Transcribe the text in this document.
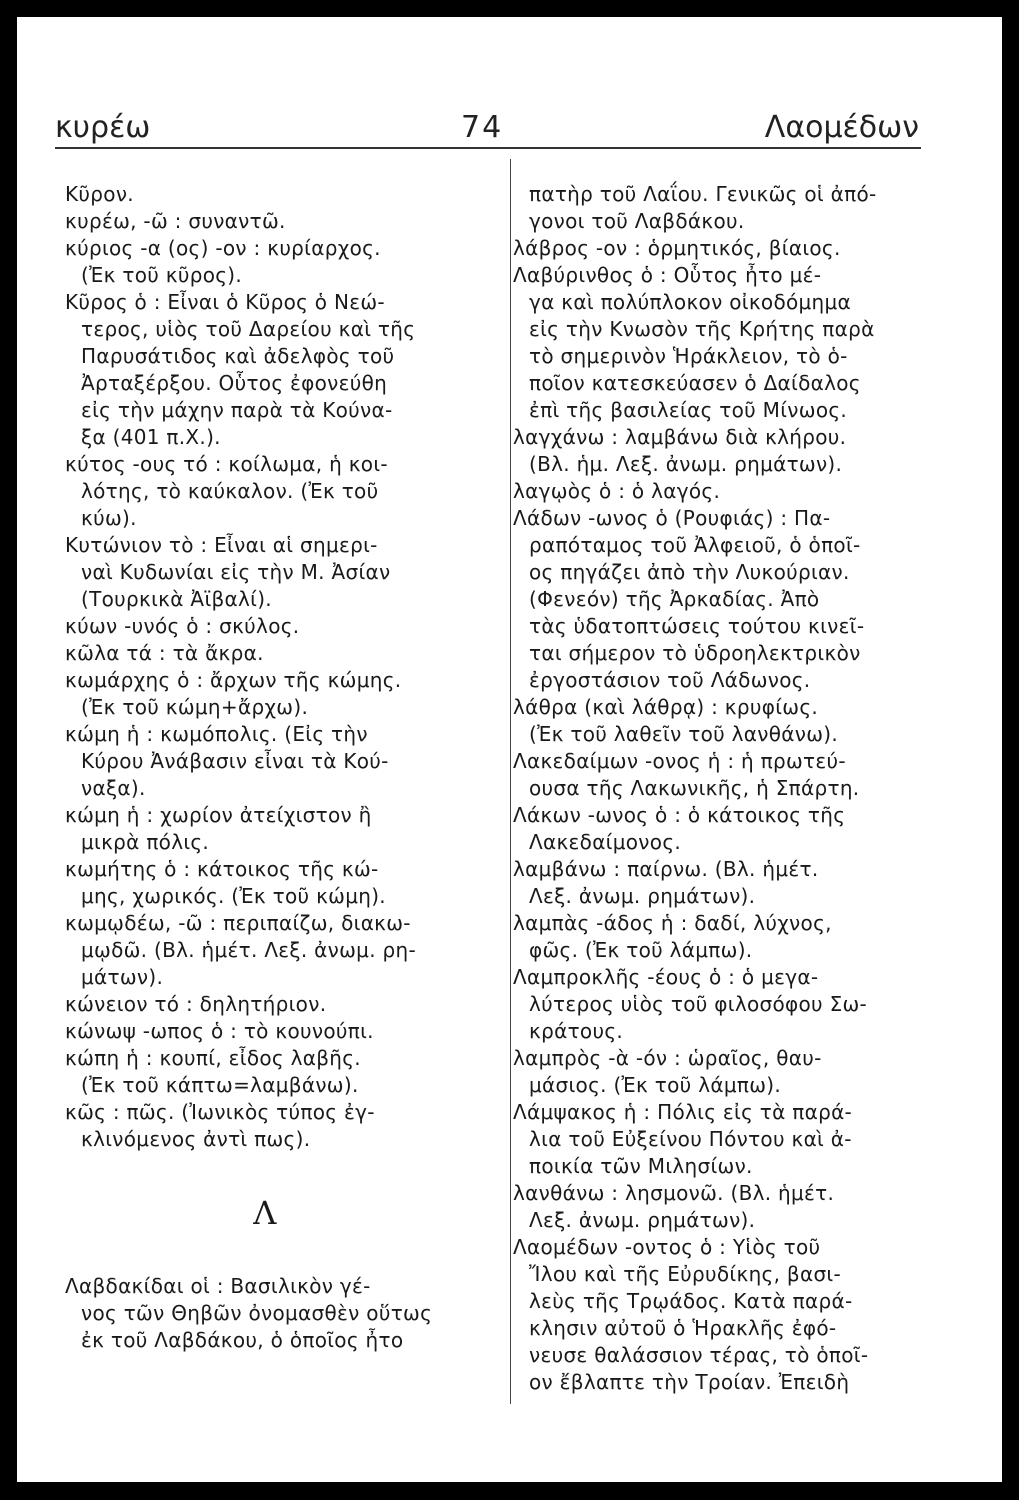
κυρέω	74	Λαομέδων
Κῦρον.
κυρέω, -ῶ : συναντῶ.
κύριος -α (ος) -ον : κυρίαρχος.
(Ἐκ τοῦ κῦρος).
Κῦρος ὁ : Εἶναι ὁ Κῦρος ὁ Νεώ-
τερος, υἱὸς τοῦ Δαρείου καὶ τῆς
Παρυσάτιδος καὶ ἀδελφὸς τοῦ
Ἀρταξέρξου. Οὗτος ἐφονεύθη
εἰς τὴν μάχην παρὰ τὰ Κούνα-
ξα (401 π.Χ.).
κύτος -ους τό : κοίλωμα, ἡ κοι-
λότης, τὸ καύκαλον. (Ἐκ τοῦ
κύω).
Κυτώνιον τὸ : Εἶναι αἱ σημερι-
ναὶ Κυδωνίαι εἰς τὴν Μ. Ἀσίαν
(Τουρκικὰ Ἀϊβαλί).
κύων -υνός ὁ : σκύλος.
κῶλα τά : τὰ ἄκρα.
κωμάρχης ὁ : ἄρχων τῆς κώμης.
(Ἐκ τοῦ κώμη+ἄρχω).
κώμη ἡ : κωμόπολις. (Εἰς τὴν
Κύρου Ἀνάβασιν εἶναι τὰ Κού-
ναξα).
κώμη ἡ : χωρίον ἀτείχιστον ἢ
μικρὰ πόλις.
κωμήτης ὁ : κάτοικος τῆς κώ-
μης, χωρικός. (Ἐκ τοῦ κώμη).
κωμῳδέω, -ῶ : περιπαίζω, διακω-
μῳδῶ. (Βλ. ἡμέτ. Λεξ. ἀνωμ. ρη-
μάτων).
κώνειον τό : δηλητήριον.
κώνωψ -ωπος ὁ : τὸ κουνούπι.
κώπη ἡ : κουπί, εἶδος λαβῆς.
(Ἐκ τοῦ κάπτω=λαμβάνω).
κῶς : πῶς. (Ἰωνικὸς τύπος ἐγ-
κλινόμενος ἀντὶ πως).
Λ
Λαβδακίδαι οἱ : Βασιλικὸν γέ-
νος τῶν Θηβῶν ὀνομασθὲν οὕτως
ἐκ τοῦ Λαβδάκου, ὁ ὁποῖος ἦτο
πατὴρ τοῦ Λαΐου. Γενικῶς οἱ ἀπό-
γονοι τοῦ Λαβδάκου.
λάβρος -ον : ὁρμητικός, βίαιος.
Λαβύρινθος ὁ : Οὗτος ἦτο μέ-
γα καὶ πολύπλοκον οἰκοδόμημα
εἰς τὴν Κνωσὸν τῆς Κρήτης παρὰ
τὸ σημερινὸν Ἡράκλειον, τὸ ὁ-
ποῖον κατεσκεύασεν ὁ Δαίδαλος
ἐπὶ τῆς βασιλείας τοῦ Μίνωος.
λαγχάνω : λαμβάνω διὰ κλήρου.
(Βλ. ἡμ. Λεξ. ἀνωμ. ρημάτων).
λαγῳὸς ὁ : ὁ λαγός.
Λάδων -ωνος ὁ (Ρουφιάς) : Πα-
ραπόταμος τοῦ Ἀλφειοῦ, ὁ ὁποῖ-
ος πηγάζει ἀπὸ τὴν Λυκούριαν.
(Φενεόν) τῆς Ἀρκαδίας. Ἀπὸ
τὰς ὑδατοπτώσεις τούτου κινεῖ-
ται σήμερον τὸ ὑδροηλεκτρικὸν
ἐργοστάσιον τοῦ Λάδωνος.
λάθρα (καὶ λάθρᾳ) : κρυφίως.
(Ἐκ τοῦ λαθεῖν τοῦ λανθάνω).
Λακεδαίμων -ονος ἡ : ἡ πρωτεύ-
ουσα τῆς Λακωνικῆς, ἡ Σπάρτη.
Λάκων -ωνος ὁ : ὁ κάτοικος τῆς
Λακεδαίμονος.
λαμβάνω : παίρνω. (Βλ. ἡμέτ.
Λεξ. ἀνωμ. ρημάτων).
λαμπὰς -άδος ἡ : δαδί, λύχνος,
φῶς. (Ἐκ τοῦ λάμπω).
Λαμπροκλῆς -έους ὁ : ὁ μεγα-
λύτερος υἱὸς τοῦ φιλοσόφου Σω-
κράτους.
λαμπρὸς -ὰ -όν : ὡραῖος, θαυ-
μάσιος. (Ἐκ τοῦ λάμπω).
Λάμψακος ἡ : Πόλις εἰς τὰ παρά-
λια τοῦ Εὐξείνου Πόντου καὶ ἀ-
ποικία τῶν Μιλησίων.
λανθάνω : λησμονῶ. (Βλ. ἡμέτ.
Λεξ. ἀνωμ. ρημάτων).
Λαομέδων -οντος ὁ : Υἱὸς τοῦ
Ἴλου καὶ τῆς Εὐρυδίκης, βασι-
λεὺς τῆς Τρῳάδος. Κατὰ παρά-
κλησιν αὐτοῦ ὁ Ἡρακλῆς ἐφό-
νευσε θαλάσσιον τέρας, τὸ ὁποῖ-
ον ἔβλαπτε τὴν Τροίαν. Ἐπειδὴ
